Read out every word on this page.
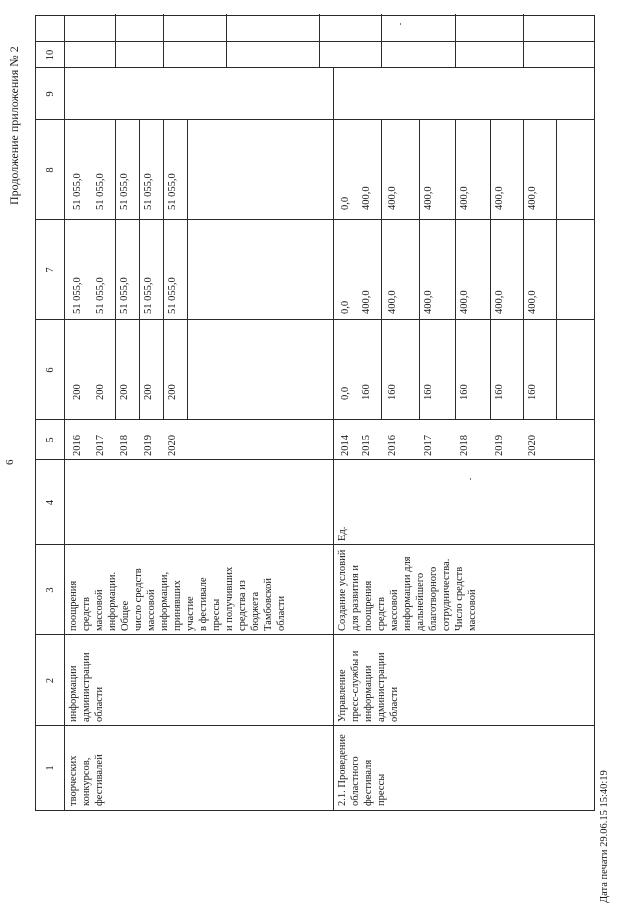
6
Продолжение приложения № 2
1
2
3
4
5
6
7
8
9
10
творческих конкурсов, фестивалей
информации администрации области

поощрения средств массовой информации. Общее число средств массовой информации, принявших участие в фестивале прессы и получивших средства из бюджета Тамбовской области

2016
200
51 055,0
51 055,0
2017
200
51 055,0
51 055,0
2018
200
51 055,0
51 055,0
2019
200
51 055,0
51 055,0
2020
200
51 055,0
51 055,0
2.1. Проведение областного фестиваля прессы
Управление пресс-службы и информации администрации области
Создание условий для развития и поощрения средств массовой информации для дальнейшего благотворного сотрудничества. Число средств массовой
Ед.
2014
0,0
0,0
0,0
2015
160
400,0
400,0
2016
160
400,0
400,0
2017
160
400,0
400,0
2018
160
400,0
400,0
2019
160
400,0
400,0
2020
160
400,0
400,0
Дата печати 29.06.15 15:40:19
